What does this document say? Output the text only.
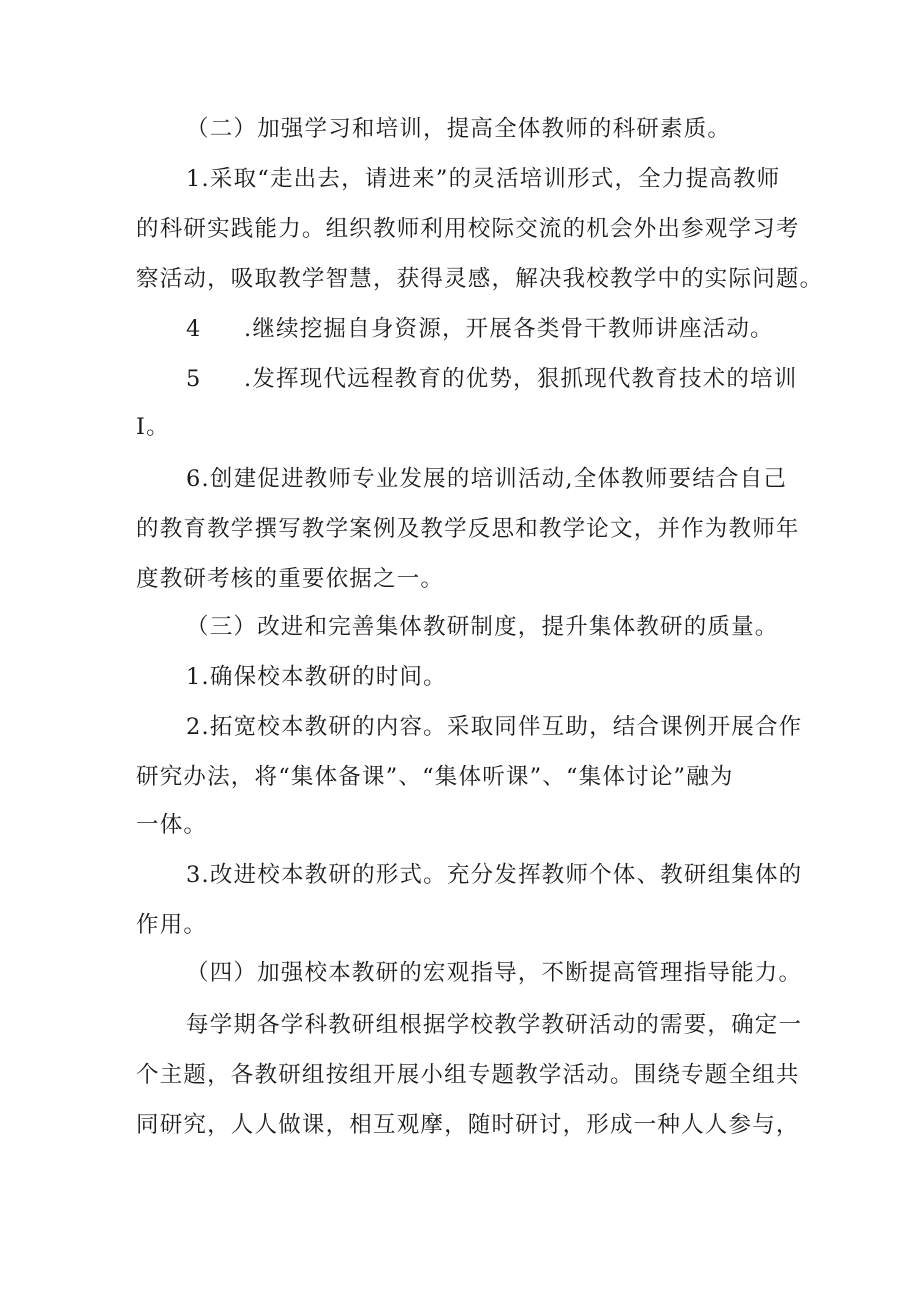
（二）加强学习和培训，提高全体教师的科研素质。
1.采取“走出去，请进来”的灵活培训形式，全力提高教师
的科研实践能力。组织教师利用校际交流的机会外出参观学习考
察活动，吸取教学智慧，获得灵感，解决我校教学中的实际问题。
4 .继续挖掘自身资源，开展各类骨干教师讲座活动。
5 .发挥现代远程教育的优势，狠抓现代教育技术的培训
I。
6.创建促进教师专业发展的培训活动,全体教师要结合自己
的教育教学撰写教学案例及教学反思和教学论文，并作为教师年
度教研考核的重要依据之一。
（三）改进和完善集体教研制度，提升集体教研的质量。
1.确保校本教研的时间。
2.拓宽校本教研的内容。采取同伴互助，结合课例开展合作
研究办法，将“集体备课”、“集体听课”、“集体讨论”融为
一体。
3.改进校本教研的形式。充分发挥教师个体、教研组集体的
作用。
（四）加强校本教研的宏观指导，不断提高管理指导能力。
每学期各学科教研组根据学校教学教研活动的需要，确定一
个主题，各教研组按组开展小组专题教学活动。围绕专题全组共
同研究，人人做课，相互观摩，随时研讨，形成一种人人参与，
